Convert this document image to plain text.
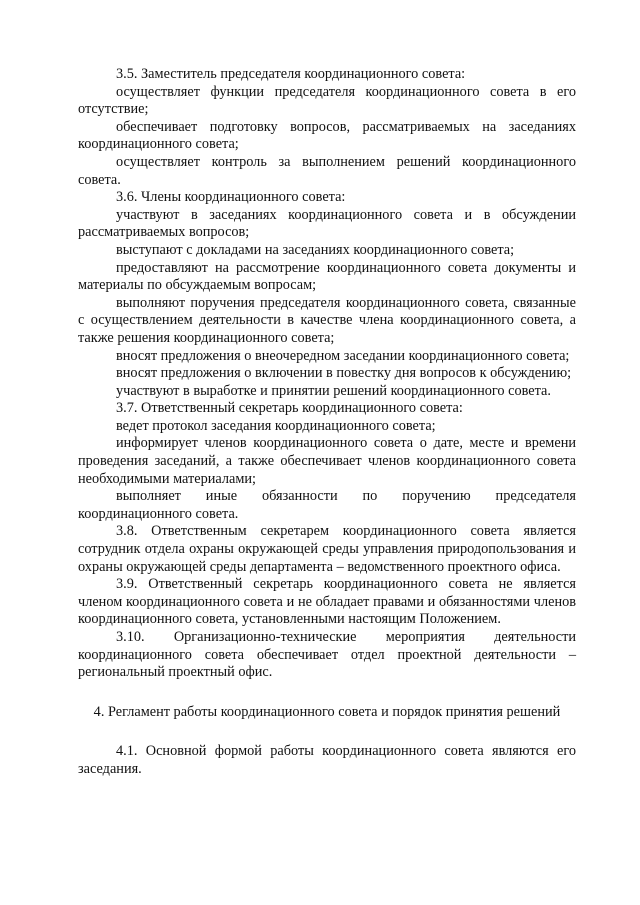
3.5. Заместитель председателя координационного совета:

осуществляет функции председателя координационного совета в его отсутствие;

обеспечивает подготовку вопросов, рассматриваемых на заседаниях координационного совета;

осуществляет контроль за выполнением решений координационного совета.

3.6. Члены координационного совета:

участвуют в заседаниях координационного совета и в обсуждении рассматриваемых вопросов;

выступают с докладами на заседаниях координационного совета;

предоставляют на рассмотрение координационного совета документы и материалы по обсуждаемым вопросам;

выполняют поручения председателя координационного совета, связанные с осуществлением деятельности в качестве члена координационного совета, а также решения координационного совета;

вносят предложения о внеочередном заседании координационного совета;

вносят предложения о включении в повестку дня вопросов к обсуждению;

участвуют в выработке и принятии решений координационного совета.

3.7. Ответственный секретарь координационного совета:

ведет протокол заседания координационного совета;

информирует членов координационного совета о дате, месте и времени проведения заседаний, а также обеспечивает членов координационного совета необходимыми материалами;

выполняет иные обязанности по поручению председателя координационного совета.

3.8. Ответственным секретарем координационного совета является сотрудник отдела охраны окружающей среды управления природопользования и охраны окружающей среды департамента – ведомственного проектного офиса.

3.9. Ответственный секретарь координационного совета не является членом координационного совета и не обладает правами и обязанностями членов координационного совета, установленными настоящим Положением.

3.10. Организационно-технические мероприятия деятельности координационного совета обеспечивает отдел проектной деятельности – региональный проектный офис.

4. Регламент работы координационного совета и порядок принятия решений

4.1. Основной формой работы координационного совета являются его заседания.
